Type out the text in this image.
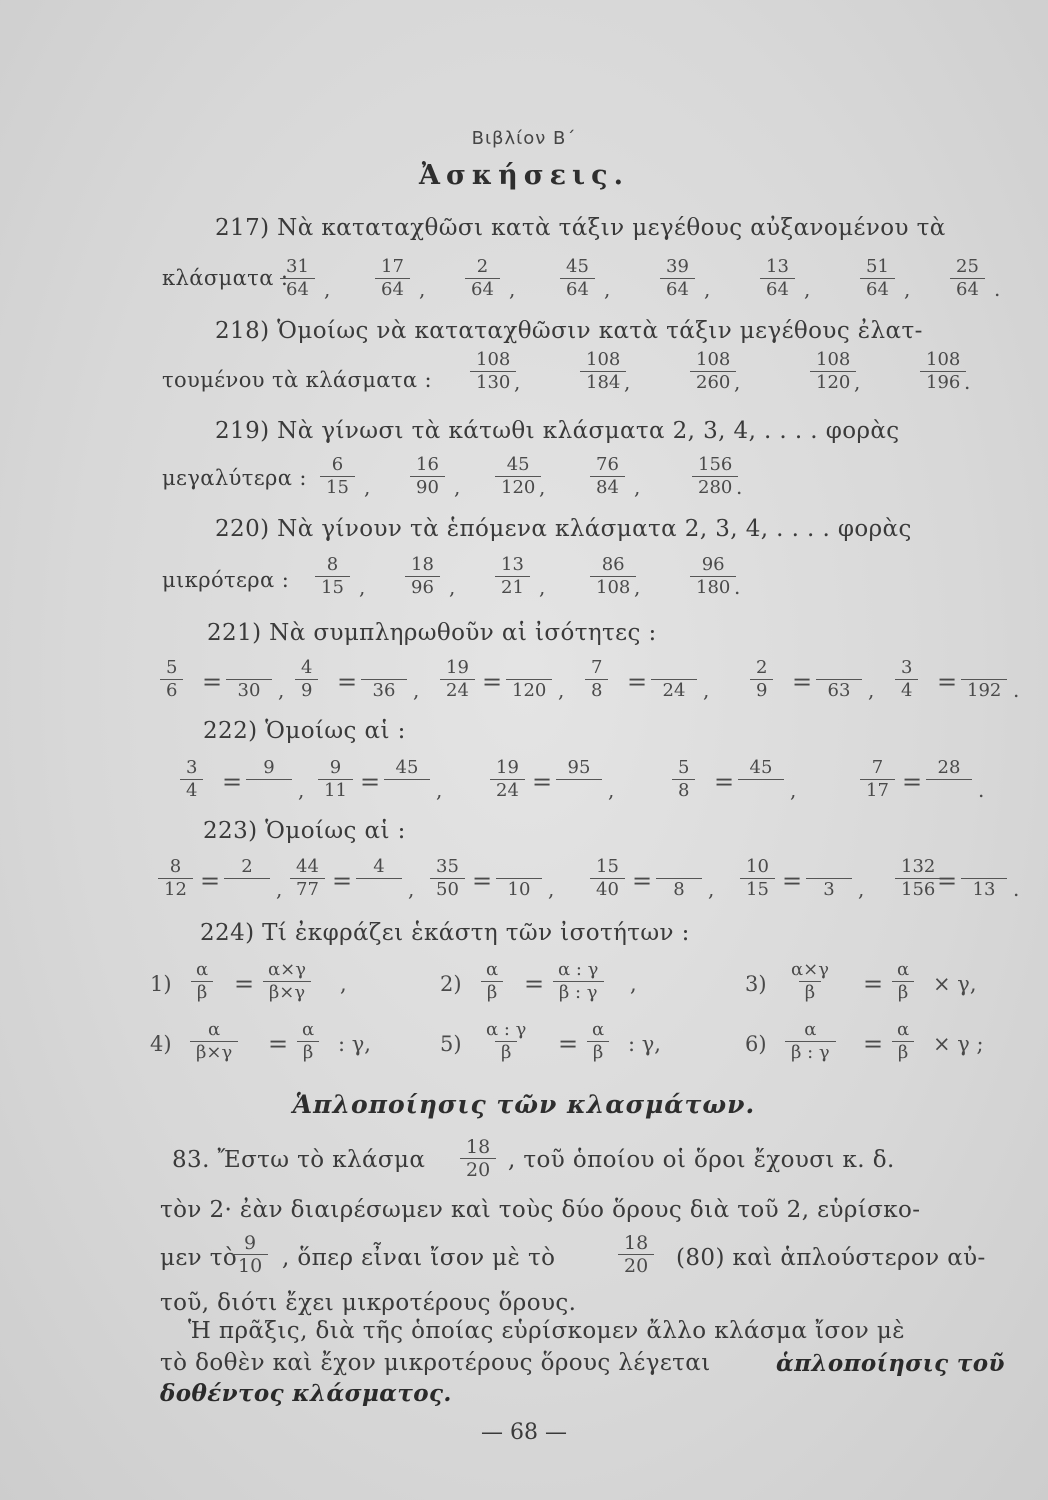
Βιβλίον Β΄
Ἀσκήσεις.
217) Νὰ καταταχθῶσι κατὰ τάξιν μεγέθους αὐξανομένου τὰ
κλάσματα :
218) Ὁμοίως νὰ καταταχθῶσιν κατὰ τάξιν μεγέθους ἐλατ-
τουμένου τὰ κλάσματα :
219) Νὰ γίνωσι τὰ κάτωθι κλάσματα 2, 3, 4, . . . . φορὰς
μεγαλύτερα :
220) Νὰ γίνουν τὰ ἑπόμενα κλάσματα 2, 3, 4, . . . . φορὰς
μικρότερα :
221) Νὰ συμπληρωθοῦν αἱ ἰσότητες :
222) Ὁμοίως αἱ :
223) Ὁμοίως αἱ :
224) Τί ἐκφράζει ἑκάστη τῶν ἰσοτήτων :
Ἁπλοποίησις τῶν κλασμάτων.
83. Ἔστω τὸ κλάσμα $\frac{18}{20}$ , τοῦ ὁποίου οἱ ὅροι ἔχουσι κ. δ.
τὸν 2· ἐὰν διαιρέσωμεν καὶ τοὺς δύο ὅρους διὰ τοῦ 2, εὑρίσκο-
μεν τὸ
$\frac{9}{10}$ , ὅπερ εἶναι ἴσον μὲ τὸ	$\frac{18}{20} (80)$ καὶ ἁπλούστερον αὐ-
τοῦ, διότι ἔχει μικροτέρους ὅρους.
Ἡ πρᾶξις, διὰ τῆς ὁποίας εὑρίσκομεν ἄλλο κλάσμα ἴσον μὲ
τὸ δοθὲν καὶ ἔχον μικροτέρους ὅρους λέγεται	ἁπλοποίησις τοῦ
δοθέντος κλάσματος.
— 68 —
$\frac{31}{64}$ , $\frac{17}{64}$ , $\frac{2}{64}$ , $\frac{45}{64}$ ,	$\frac{39}{64}$ ,	$\frac{13}{64}$ ,	$\frac{51}{64}$ , $\frac{25}{64}$ .
$\frac{108}{130}$
,	$\frac{108}{184}$
,	$\frac{108}{260}$
,	$\frac{108}{120}$
,	$\frac{108}{196}$
.
$\frac{6}{15}$ , $\frac{16}{90}$ , $\frac{45}{120}$
, $\frac{76}{84}$ ,	$\frac{156}{280}$
.
$\frac{8}{15}$ , $\frac{18}{96}$ , $\frac{13}{21}$ , $\frac{86}{108}$
,	$\frac{96}{180}$
.
$\frac{5}{6}$ =
30 , $\frac{4}{9}$ =
36 , $\frac{19}{24}$ =
120 , $\frac{7}{8}$ =
24 , $\frac{2}{9}$ =
63 , $\frac{3}{4}$ =
192 .
$\frac{3}{4}$ =
9

, $\frac{9}{11}$ =
45

,	$\frac{19}{24}$ =
95

,	$\frac{5}{8}$ =
45

,	$\frac{7}{17}$ =
28

.
$\frac{8}{12}$ =
2

, $\frac{44}{77}$ =
4

, $\frac{35}{50}$ =
10 , $\frac{15}{40}$ =
	8	, $\frac{10}{15}$ =
	3	, $\frac{132}{156}$
=
13 .
$1) \frac{\alpha}{\beta} = \frac{\alpha\times\gamma}{\beta\times\gamma}$ ,	$2) \frac{\alpha}{\beta} = \frac{\alpha : \gamma}{\beta : \gamma}$ ,	$3) \frac{\alpha\times\gamma}{\beta} = \frac{\alpha}{\beta} \times \gamma$,
$4) \frac{\alpha}{\beta\times\gamma} = \frac{\alpha}{\beta}$ : γ,	$5) \frac{\alpha : \gamma}{\beta} = \frac{\alpha}{\beta}$ : γ,	$6) \frac{\alpha}{\beta : \gamma} = \frac{\alpha}{\beta} \times \gamma$ ;
